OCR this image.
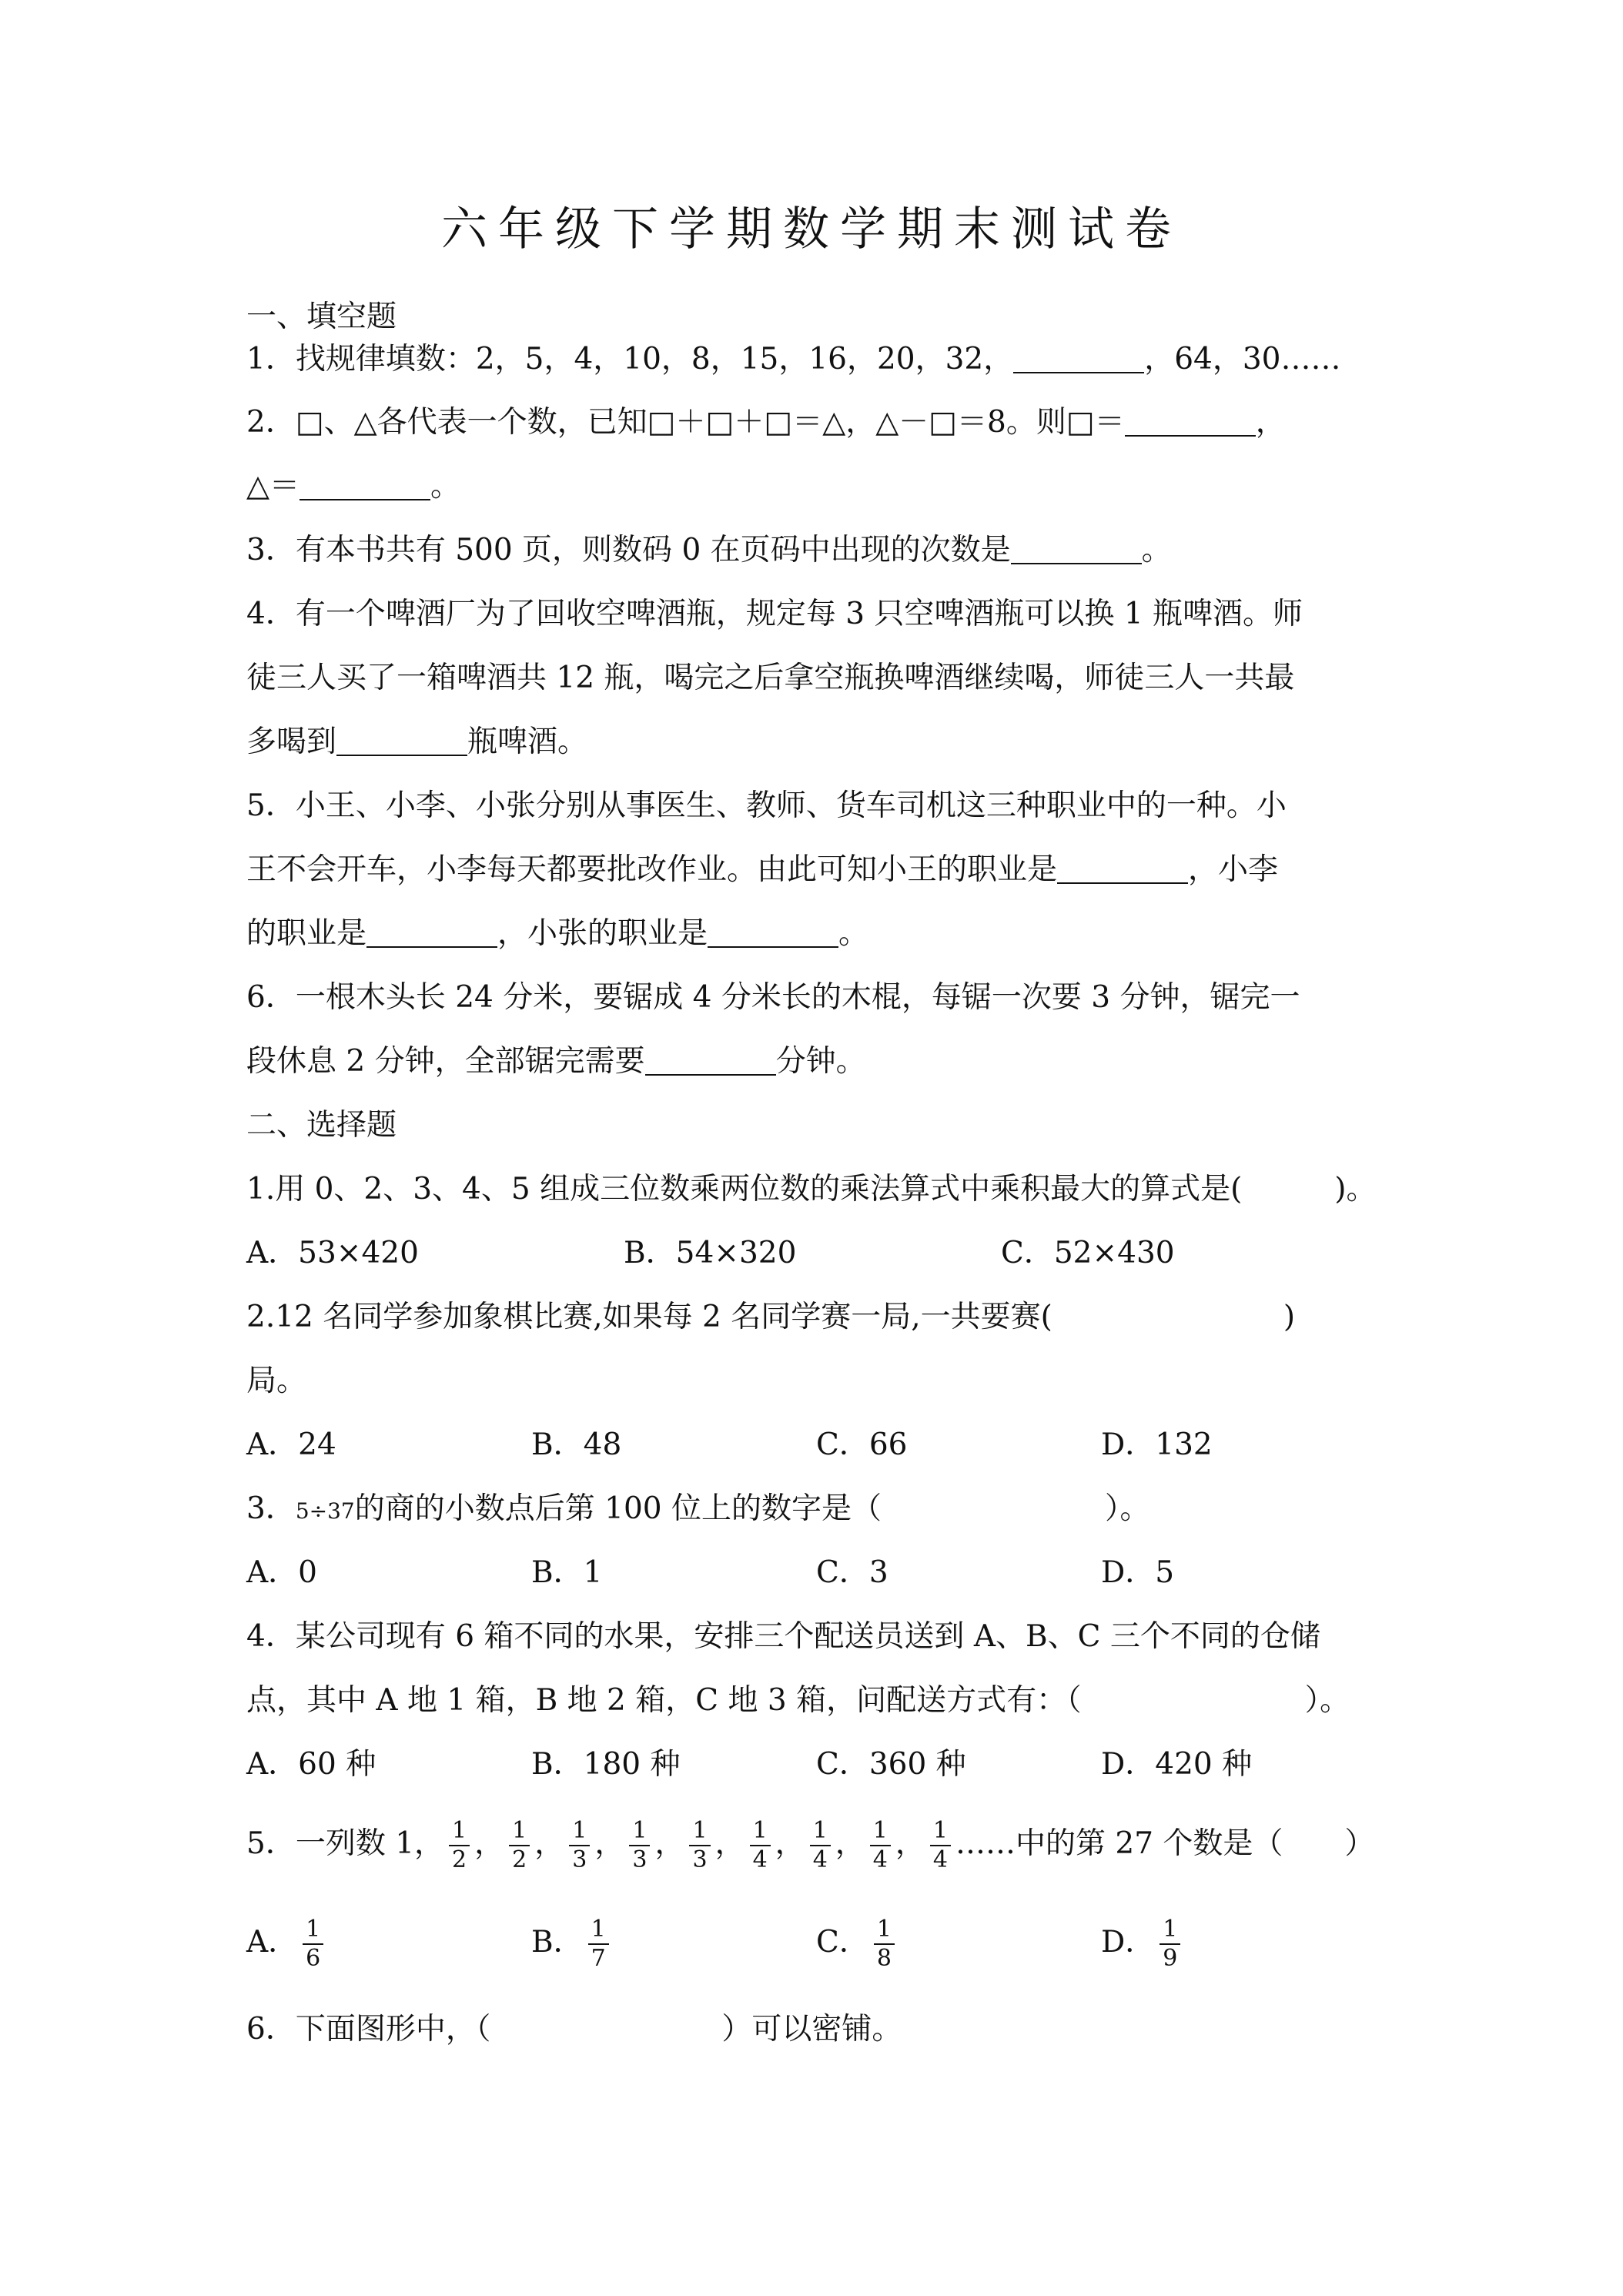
六年级下学期数学期末测试卷
一、填空题
1．找规律填数：2，5，4，10，8，15，16，20，32，	，64，30……
2．□、△各代表一个数，已知□＋□＋□＝△，△－□＝8。则□＝	，
△＝	。
3．有本书共有 500 页，则数码 0 在页码中出现的次数是	。
4．有一个啤酒厂为了回收空啤酒瓶，规定每 3 只空啤酒瓶可以换 1 瓶啤酒。师
徒三人买了一箱啤酒共 12 瓶，喝完之后拿空瓶换啤酒继续喝，师徒三人一共最
多喝到	瓶啤酒。
5．小王、小李、小张分别从事医生、教师、货车司机这三种职业中的一种。小
王不会开车，小李每天都要批改作业。由此可知小王的职业是	，小李
的职业是	，小张的职业是	。
6．一根木头长 24 分米，要锯成 4 分米长的木棍，每锯一次要 3 分钟，锯完一
段休息 2 分钟，全部锯完需要	分钟。
二、选择题
1.用 0、2、3、4、5 组成三位数乘两位数的乘法算式中乘积最大的算式是(	)。
A．53×420	B．54×320	C．52×430
2.12 名同学参加象棋比赛,如果每 2 名同学赛一局,一共要赛(	)
局。
A．24	B．48	C．66	D．132
3．5÷37的商的小数点后第 100 位上的数字是（	）。
A．0	B．1	C．3	D．5
4．某公司现有 6 箱不同的水果，安排三个配送员送到 A、B、C 三个不同的仓储
点，其中 A 地 1 箱，B 地 2 箱，C 地 3 箱，问配送方式有：（	）。
A．60 种	B．180 种	C．360 种	D．420 种
5．一列数 1， $\frac{1}{2}$ ， $\frac{1}{2}$ ， $\frac{1}{3}$ ， $\frac{1}{3}$ ， $\frac{1}{3}$ ， $\frac{1}{4}$ ， $\frac{1}{4}$ ， $\frac{1}{4}$ ， $\frac{1}{4}$ ……中的第 27 个数是（ ）
A． $\frac{1}{6}$	B． $\frac{1}{7}$	C． $\frac{1}{8}$	D． $\frac{1}{9}$
6．下面图形中，（	）可以密铺。
